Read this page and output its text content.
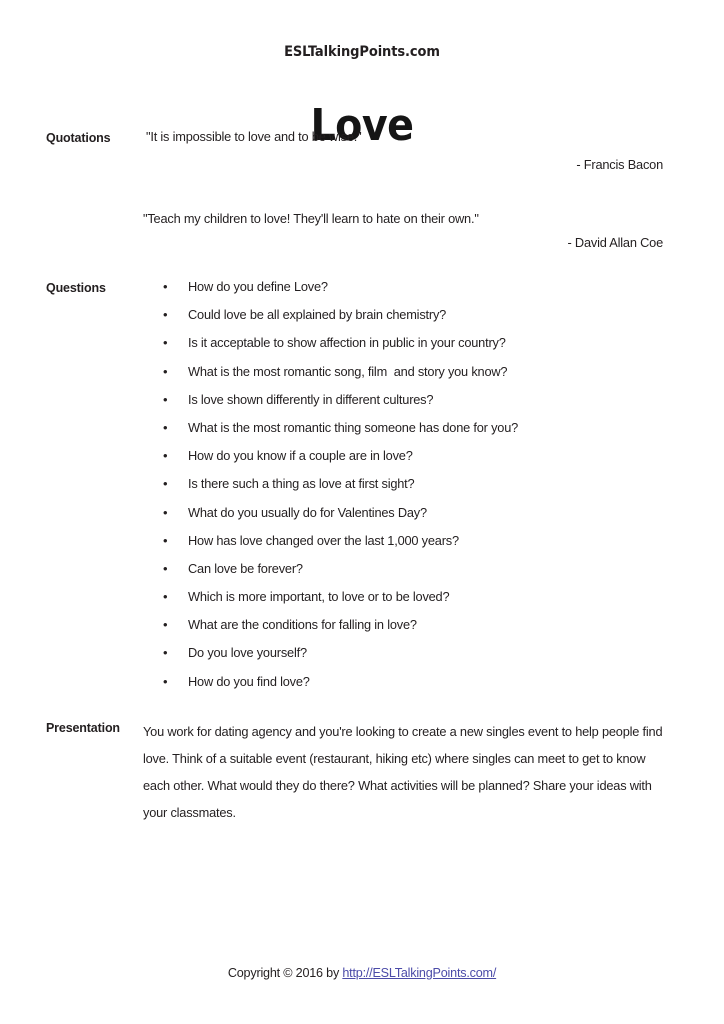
ESLTalkingPoints.com
Love
Quotations	"It is impossible to love and to be wise."
- Francis Bacon
"Teach my children to love! They'll learn to hate on their own."
- David Allan Coe
Questions	•	How do you define Love?
•	Could love be all explained by brain chemistry?
•	Is it acceptable to show affection in public in your country?
•	What is the most romantic song, film  and story you know?
•	Is love shown differently in different cultures?
•	What is the most romantic thing someone has done for you?
•	How do you know if a couple are in love?
•	Is there such a thing as love at first sight?
•	What do you usually do for Valentines Day?
•	How has love changed over the last 1,000 years?
•	Can love be forever?
•	Which is more important, to love or to be loved?
•	What are the conditions for falling in love?
•	Do you love yourself?
•	How do you find love?
Presentation	You work for dating agency and you're looking to create a new singles event to help people find love. Think of a suitable event (restaurant, hiking etc) where singles can meet to get to know each other. What would they do there? What activities will be planned? Share your ideas with your classmates.
Copyright © 2016 by http://ESLTalkingPoints.com/
